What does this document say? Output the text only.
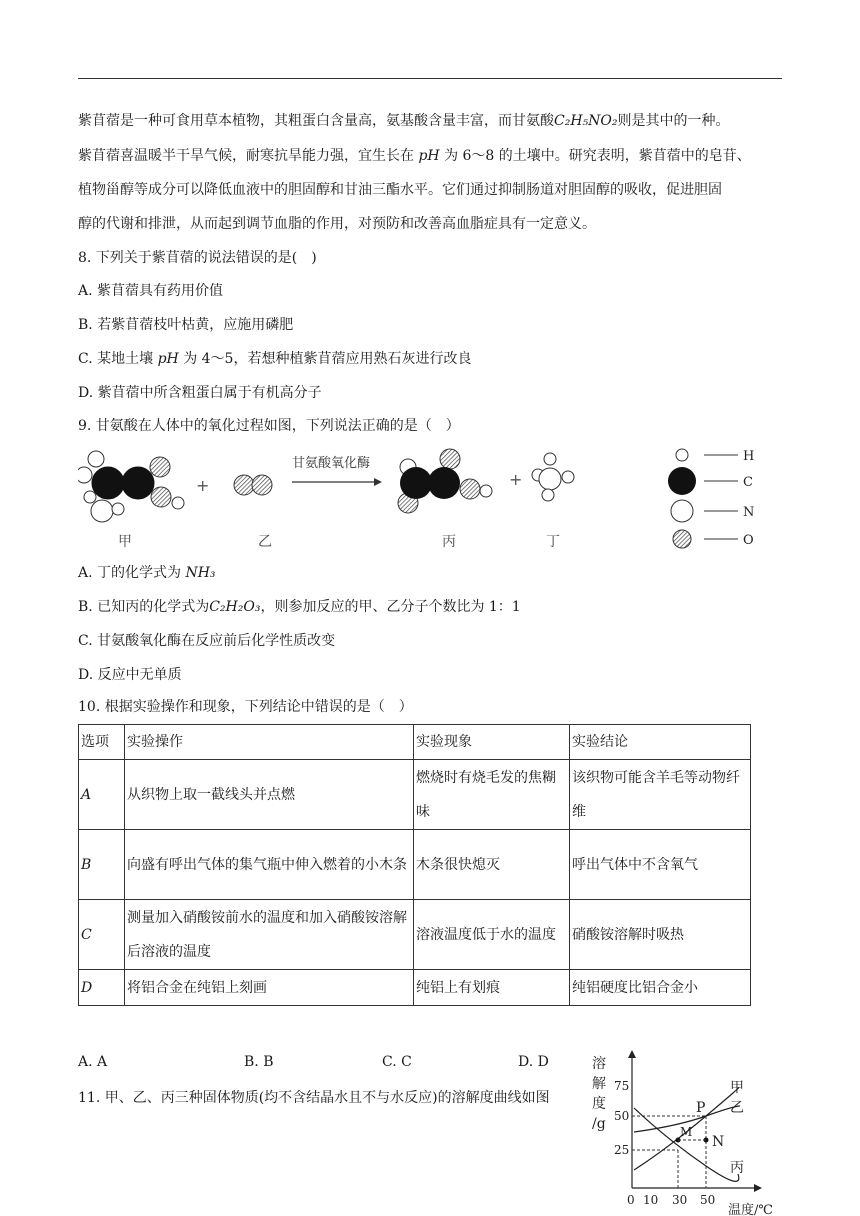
紫苜蓿是一种可食用草本植物，其粗蛋白含量高，氨基酸含量丰富，而甘氨酸C₂H₅NO₂则是其中的一种。
紫苜蓿喜温暖半干旱气候，耐寒抗旱能力强，宜生长在 pH 为 6～8 的土壤中。研究表明，紫苜蓿中的皂苷、
植物甾醇等成分可以降低血液中的胆固醇和甘油三酯水平。它们通过抑制肠道对胆固醇的吸收，促进胆固
醇的代谢和排泄，从而起到调节血脂的作用，对预防和改善高血脂症具有一定意义。
8. 下列关于紫苜蓿的说法错误的是(　)
A. 紫苜蓿具有药用价值
B. 若紫苜蓿枝叶枯黄，应施用磷肥
C. 某地土壤 pH 为 4～5，若想种植紫苜蓿应用熟石灰进行改良
D. 紫苜蓿中所含粗蛋白属于有机高分子
9. 甘氨酸在人体中的氧化过程如图，下列说法正确的是（　）
+
甘氨酸氧化酶
+
甲	乙	丙	丁
H
C
N
O
A. 丁的化学式为 NH₃
B. 已知丙的化学式为C₂H₂O₃，则参加反应的甲、乙分子个数比为 1：1
C. 甘氨酸氧化酶在反应前后化学性质改变
D. 反应中无单质
10. 根据实验操作和现象，下列结论中错误的是（　）
选项	实验操作	实验现象	实验结论
A	从织物上取一截线头并点燃	燃烧时有烧毛发的焦糊味	该织物可能含羊毛等动物纤维
B	向盛有呼出气体的集气瓶中伸入燃着的小木条	木条很快熄灭	呼出气体中不含氧气
C	测量加入硝酸铵前水的温度和加入硝酸铵溶解后溶液的温度	溶液温度低于水的温度	硝酸铵溶解时吸热
D	将铝合金在纯铝上刻画	纯铝上有划痕	纯铝硬度比铝合金小
A. A	B. B	C. C	D. D
11. 甲、乙、丙三种固体物质(均不含结晶水且不与水反应)的溶解度曲线如图
溶
解
度
/g
75
50
25
0 10 30 50
温度/℃
P
M
N
甲
乙
丙
